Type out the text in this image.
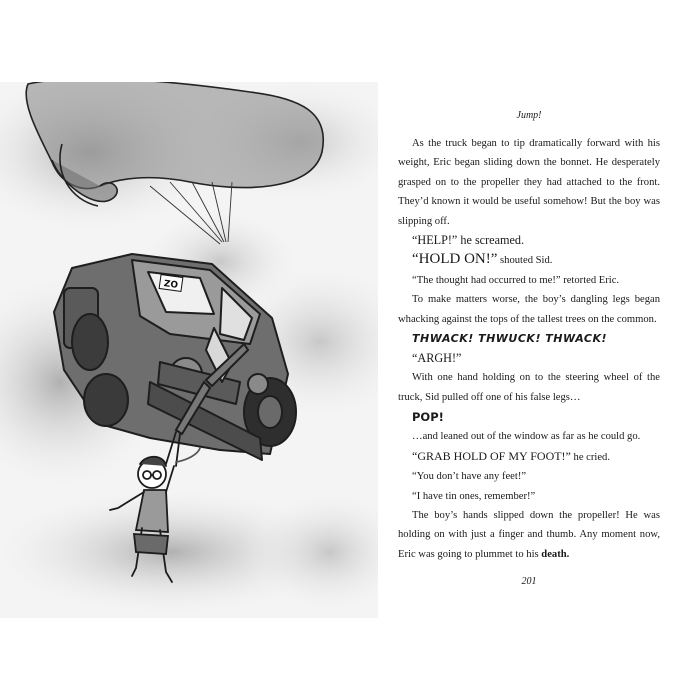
ZO
Jump!

As the truck began to tip dramatically forward with his weight, Eric began sliding down the bonnet. He desperately grasped on to the propeller they had attached to the front. They’d known it would be useful somehow! But the boy was slipping off.

“HELP!” he screamed.

“HOLD ON!” shouted Sid.

“The thought had occurred to me!” retorted Eric.

To make matters worse, the boy’s dangling legs began whacking against the tops of the tallest trees on the common.

THWACK! THWUCK! THWACK!

“ARGH!”

With one hand holding on to the steering wheel of the truck, Sid pulled off one of his false legs…

POP!

…and leaned out of the window as far as he could go.

“GRAB HOLD OF MY FOOT!” he cried.

“You don’t have any feet!”

“I have tin ones, remember!”

The boy’s hands slipped down the propeller! He was holding on with just a finger and thumb. Any moment now, Eric was going to plummet to his death.

201
